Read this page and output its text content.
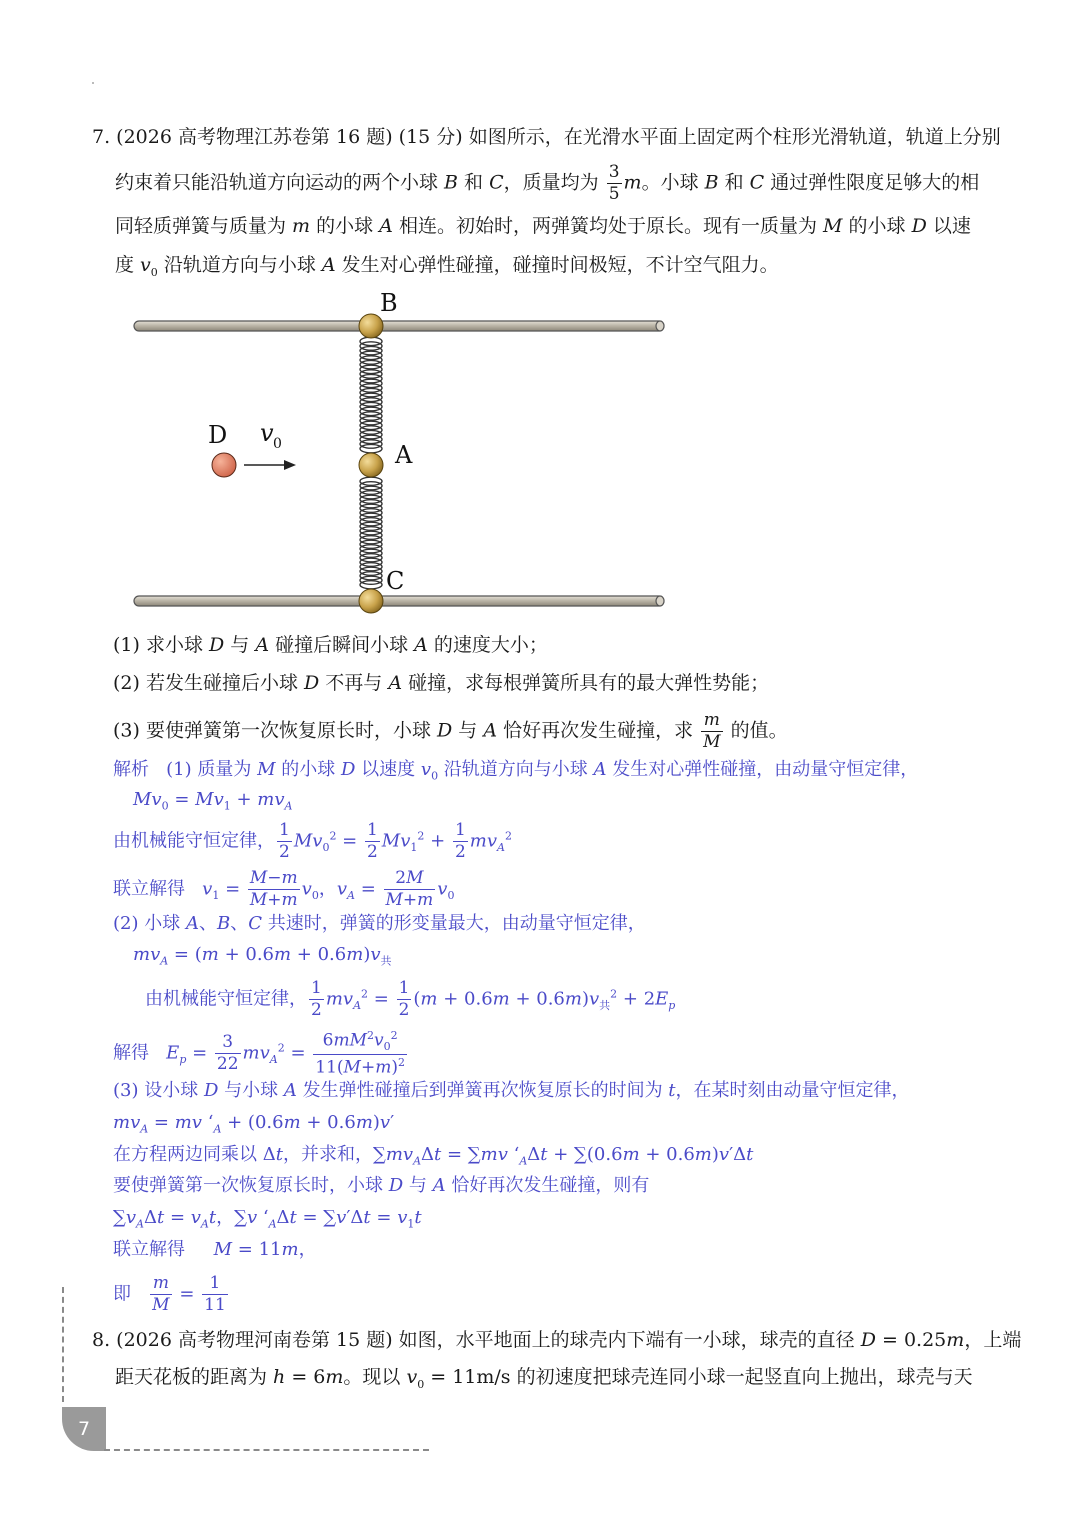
7. (2026 高考物理江苏卷第 16 题) (15 分) 如图所示，在光滑水平面上固定两个柱形光滑轨道，轨道上分别
约束着只能沿轨道方向运动的两个小球 B 和 C，质量均为 $\frac{3}{5}$ m。小球 B 和 C 通过弹性限度足够大的相
同轻质弹簧与质量为 m 的小球 A 相连。初始时，两弹簧均处于原长。现有一质量为 M 的小球 D 以速
度 $v_0$ 沿轨道方向与小球 A 发生对心弹性碰撞，碰撞时间极短，不计空气阻力。
B
A
C
D v 0
(1) 求小球 D 与 A 碰撞后瞬间小球 A 的速度大小；
(2) 若发生碰撞后小球 D 不再与 A 碰撞，求每根弹簧所具有的最大弹性势能；
(3) 要使弹簧第一次恢复原长时，小球 D 与 A 恰好再次发生碰撞，求 $\frac{m}{M}$ 的值。
解析   (1) 质量为 M 的小球 D 以速度 $v_0$ 沿轨道方向与小球 A 发生对心弹性碰撞，由动量守恒定律，
$Mv_0 = Mv_1 + mv_A$
由机械能守恒定律， $\frac{1}{2} Mv_0^2 = \frac{1}{2} Mv_1^2 + \frac{1}{2} mv_A^2$
联立解得   $v_1 = \frac{M-m}{M+m} v_0$，$v_A = \frac{2M}{M+m} v_0$
(2) 小球 A、B、C 共速时，弹簧的形变量最大，由动量守恒定律，
$mv_A = (m + 0.6m + 0.6m)v_共$
由机械能守恒定律， $\frac{1}{2} mv_A^2 = \frac{1}{2} (m + 0.6m + 0.6m)v_共^2 + 2E_p$
解得   $E_p = \frac{3}{22} mv_A^2 = \frac{6mM^2v_0^2}{11(M+m)^2}$
(3) 设小球 D 与小球 A 发生弹性碰撞后到弹簧再次恢复原长的时间为 t，在某时刻由动量守恒定律，
$mv_A$ = mv ‘$_A + (0.6m + 0.6m)v'$
在方程两边同乘以 Δt，并求和，$\sum mv_A\Delta t = \sum mv$ ‘$_A\Delta t + \sum(0.6m + 0.6m)v'\Delta t$
要使弹簧第一次恢复原长时，小球 D 与 A 恰好再次发生碰撞，则有
$\sum v_A\Delta t = v_At$，∑v ‘$_A\Delta t = \sum v'\Delta t = v_1t$
联立解得     M = 11m，
即 $\frac{m}{M} = \frac{1}{11}$
8. (2026 高考物理河南卷第 15 题) 如图，水平地面上的球壳内下端有一小球，球壳的直径 D = 0.25m，上端
距天花板的距离为 h = 6m。现以 $v_0 = 11m/s$ 的初速度把球壳连同小球一起竖直向上抛出，球壳与天
7
